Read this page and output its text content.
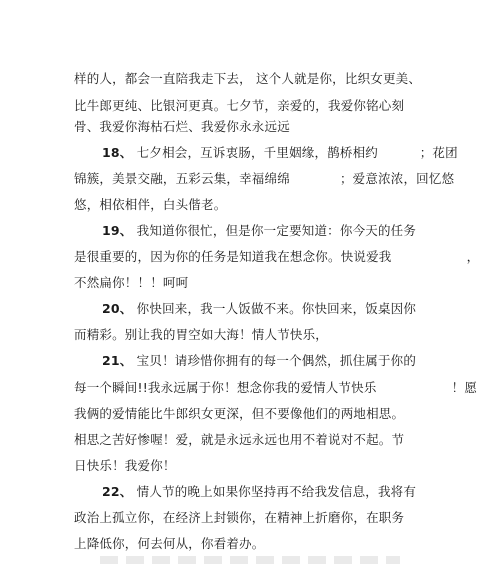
样的人，都会一直陪我走下去， 这个人就是你，比织女更美、
比牛郎更纯、比银河更真。七夕节，亲爱的，我爱你铭心刻
骨、我爱你海枯石烂、我爱你永永远远
18、 七夕相会，互诉衷肠，千里姻缘，鹊桥相约          ；花团
锦簇，美景交融，五彩云集，幸福绵绵            ；爱意浓浓，回忆悠
悠，相依相伴，白头偕老。
19、 我知道你很忙，但是你一定要知道：你今天的任务
是很重要的，因为你的任务是知道我在想念你。快说爱我                  ，
不然扁你！！！呵呵
20、 你快回来，我一人饭做不来。你快回来，饭桌因你
而精彩。别让我的胃空如大海！情人节快乐，
21、 宝贝！请珍惜你拥有的每一个偶然，抓住属于你的
每一个瞬间!!我永远属于你！想念你我的爱情人节快乐                  ！愿
我俩的爱情能比牛郎织女更深，但不要像他们的两地相思。
相思之苦好惨喔！爱，就是永远永远也用不着说对不起。节
日快乐！我爱你！
22、 情人节的晚上如果你坚持再不给我发信息，我将有
政治上孤立你，在经济上封锁你，在精神上折磨你，在职务
上降低你，何去何从，你看着办。
